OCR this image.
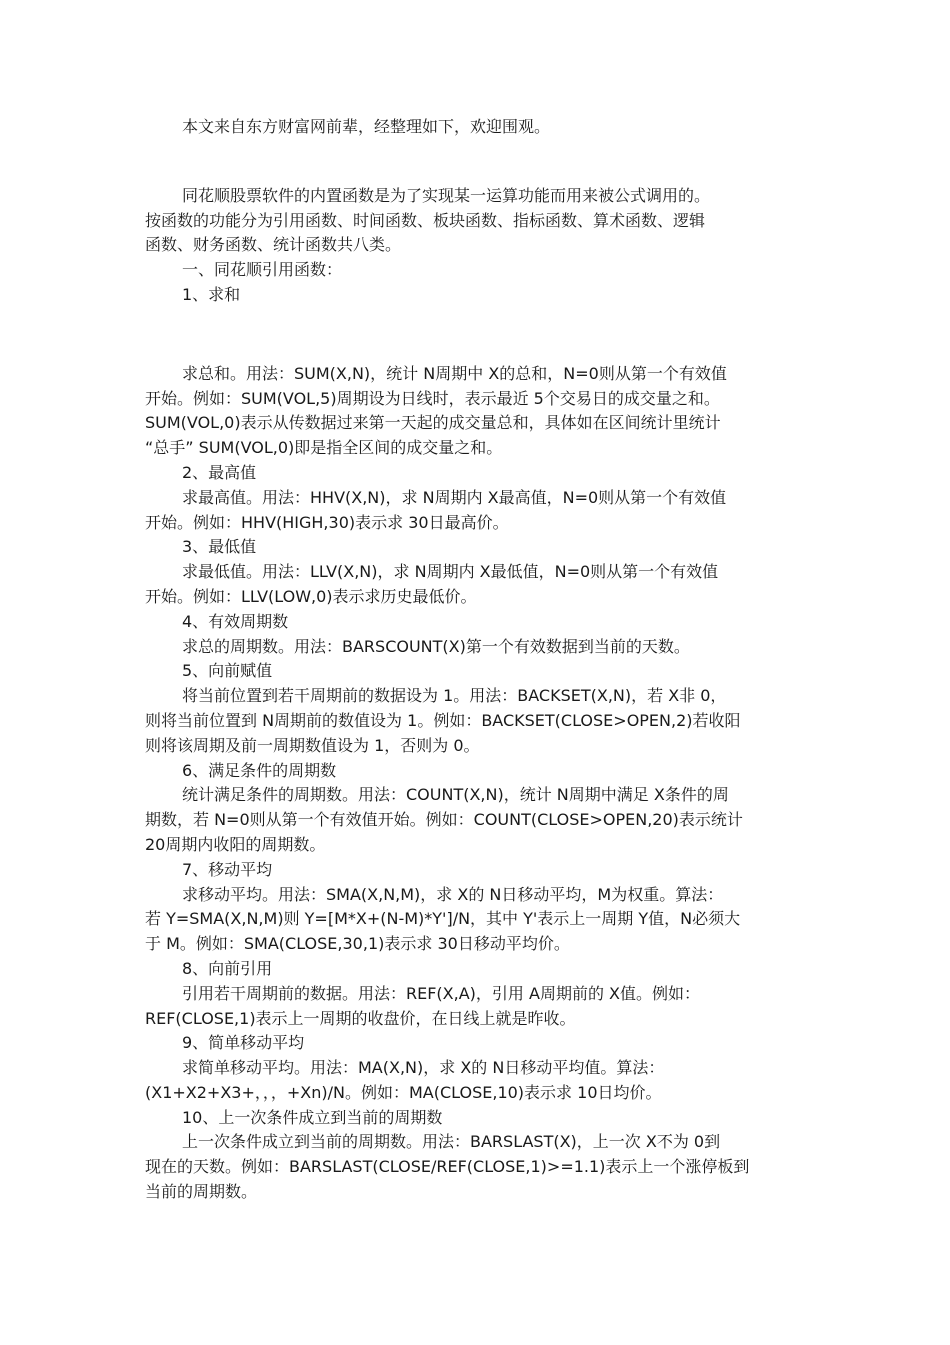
本文来自东方财富网前辈，经整理如下，欢迎围观。

同花顺股票软件的内置函数是为了实现某一运算功能而用来被公式调用的。

按函数的功能分为引用函数、时间函数、板块函数、指标函数、算术函数、逻辑

函数、财务函数、统计函数共八类。

一、同花顺引用函数：

1、求和

求总和。用法：SUM(X,N)，统计 N周期中 X的总和，N=0则从第一个有效值

开始。例如：SUM(VOL,5)周期设为日线时，表示最近 5个交易日的成交量之和。

SUM(VOL,0)表示从传数据过来第一天起的成交量总和，具体如在区间统计里统计

“总手” SUM(VOL,0)即是指全区间的成交量之和。

2、最高值

求最高值。用法：HHV(X,N)，求 N周期内 X最高值，N=0则从第一个有效值

开始。例如：HHV(HIGH,30)表示求 30日最高价。

3、最低值

求最低值。用法：LLV(X,N)，求 N周期内 X最低值，N=0则从第一个有效值

开始。例如：LLV(LOW,0)表示求历史最低价。

4、有效周期数

求总的周期数。用法：BARSCOUNT(X)第一个有效数据到当前的天数。

5、向前赋值

将当前位置到若干周期前的数据设为 1。用法：BACKSET(X,N)，若 X非 0，

则将当前位置到 N周期前的数值设为 1。例如：BACKSET(CLOSE>OPEN,2)若收阳

则将该周期及前一周期数值设为 1，否则为 0。

6、满足条件的周期数

统计满足条件的周期数。用法：COUNT(X,N)，统计 N周期中满足 X条件的周

期数，若 N=0则从第一个有效值开始。例如：COUNT(CLOSE>OPEN,20)表示统计

20周期内收阳的周期数。

7、移动平均

求移动平均。用法：SMA(X,N,M)，求 X的 N日移动平均，M为权重。算法：

若 Y=SMA(X,N,M)则 Y=[M*X+(N-M)*Y']/N，其中 Y'表示上一周期 Y值，N必须大

于 M。例如：SMA(CLOSE,30,1)表示求 30日移动平均价。

8、向前引用

引用若干周期前的数据。用法：REF(X,A)，引用 A周期前的 X值。例如：

REF(CLOSE,1)表示上一周期的收盘价，在日线上就是昨收。

9、简单移动平均

求简单移动平均。用法：MA(X,N)，求 X的 N日移动平均值。算法：

(X1+X2+X3+，，，+Xn)/N。例如：MA(CLOSE,10)表示求 10日均价。

10、上一次条件成立到当前的周期数

上一次条件成立到当前的周期数。用法：BARSLAST(X)，上一次 X不为 0到

现在的天数。例如：BARSLAST(CLOSE/REF(CLOSE,1)>=1.1)表示上一个涨停板到

当前的周期数。
